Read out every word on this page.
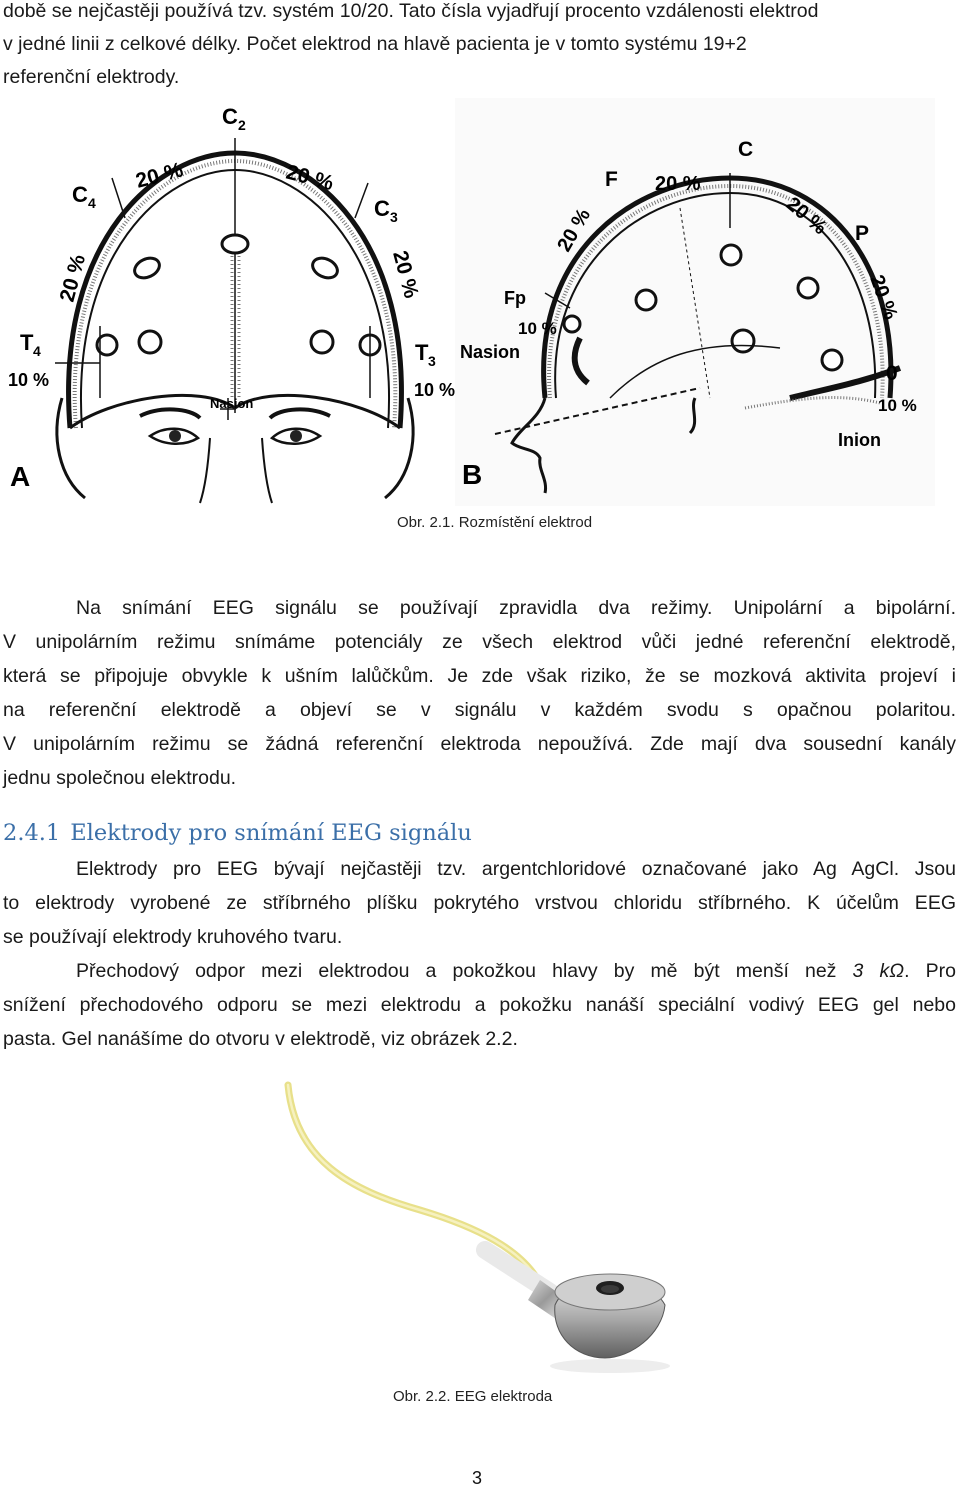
době se nejčastěji používá tzv. systém 10/20. Tato čísla vyjadřují procento vzdálenosti elektrod
v jedné linii z celkové délky. Počet elektrod na hlavě pacienta je v tomto systému 19+2
referenční elektrody.
C 2
C 4	C 3
20 %	20 %
20 %	20 %
T 4	T 3
10 %	10 %
Nasion
A
C
F
P
Fp
0
20 %
20 %	20 %
20 %
10 %
10 %
Nasion
Inion
B
Obr. 2.1. Rozmístění elektrod
Na snímání EEG signálu se používají zpravidla dva režimy. Unipolární a bipolární.
V unipolárním režimu snímáme potenciály ze všech elektrod vůči jedné referenční elektrodě,
která se připojuje obvykle k ušním lalůčkům. Je zde však riziko, že se mozková aktivita projeví i
na referenční elektrodě a objeví se v signálu v každém svodu s opačnou polaritou.
V unipolárním režimu se žádná referenční elektroda nepoužívá. Zde mají dva sousední kanály
jednu společnou elektrodu.
2.4.1 Elektrody pro snímání EEG signálu
Elektrody pro EEG bývají nejčastěji tzv. argentchloridové označované jako Ag AgCl. Jsou
to elektrody vyrobené ze stříbrného plíšku pokrytého vrstvou chloridu stříbrného. K účelům EEG
se používají elektrody kruhového tvaru.
Přechodový odpor mezi elektrodou a pokožkou hlavy by mě být menší než 3 kΩ. Pro
snížení přechodového odporu se mezi elektrodu a pokožku nanáší speciální vodivý EEG gel nebo
pasta. Gel nanášíme do otvoru v elektrodě, viz obrázek 2.2.
Obr. 2.2. EEG elektroda
3
